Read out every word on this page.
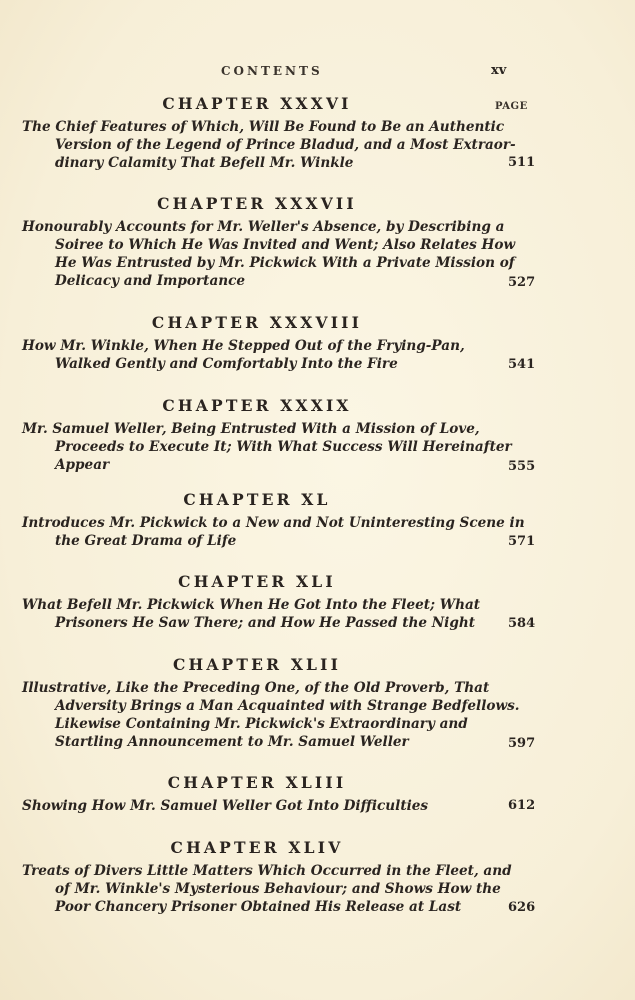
CONTENTS	xv
PAGE
CHAPTER XXXVI
The Chief Features of Which, Will Be Found to Be an Authentic
Version of the Legend of Prince Bladud, and a Most Extraor-
dinary Calamity That Befell Mr. Winkle	511
CHAPTER XXXVII
Honourably Accounts for Mr. Weller's Absence, by Describing a
Soiree to Which He Was Invited and Went; Also Relates How
He Was Entrusted by Mr. Pickwick With a Private Mission of
Delicacy and Importance	527
CHAPTER XXXVIII
How Mr. Winkle, When He Stepped Out of the Frying-Pan,
Walked Gently and Comfortably Into the Fire	541
CHAPTER XXXIX
Mr. Samuel Weller, Being Entrusted With a Mission of Love,
Proceeds to Execute It; With What Success Will Hereinafter
Appear	555
CHAPTER XL
Introduces Mr. Pickwick to a New and Not Uninteresting Scene in
the Great Drama of Life	571
CHAPTER XLI
What Befell Mr. Pickwick When He Got Into the Fleet; What
Prisoners He Saw There; and How He Passed the Night	584
CHAPTER XLII
Illustrative, Like the Preceding One, of the Old Proverb, That
Adversity Brings a Man Acquainted with Strange Bedfellows.
Likewise Containing Mr. Pickwick's Extraordinary and
Startling Announcement to Mr. Samuel Weller	597
CHAPTER XLIII
Showing How Mr. Samuel Weller Got Into Difficulties	612
CHAPTER XLIV
Treats of Divers Little Matters Which Occurred in the Fleet, and
of Mr. Winkle's Mysterious Behaviour; and Shows How the
Poor Chancery Prisoner Obtained His Release at Last	626
